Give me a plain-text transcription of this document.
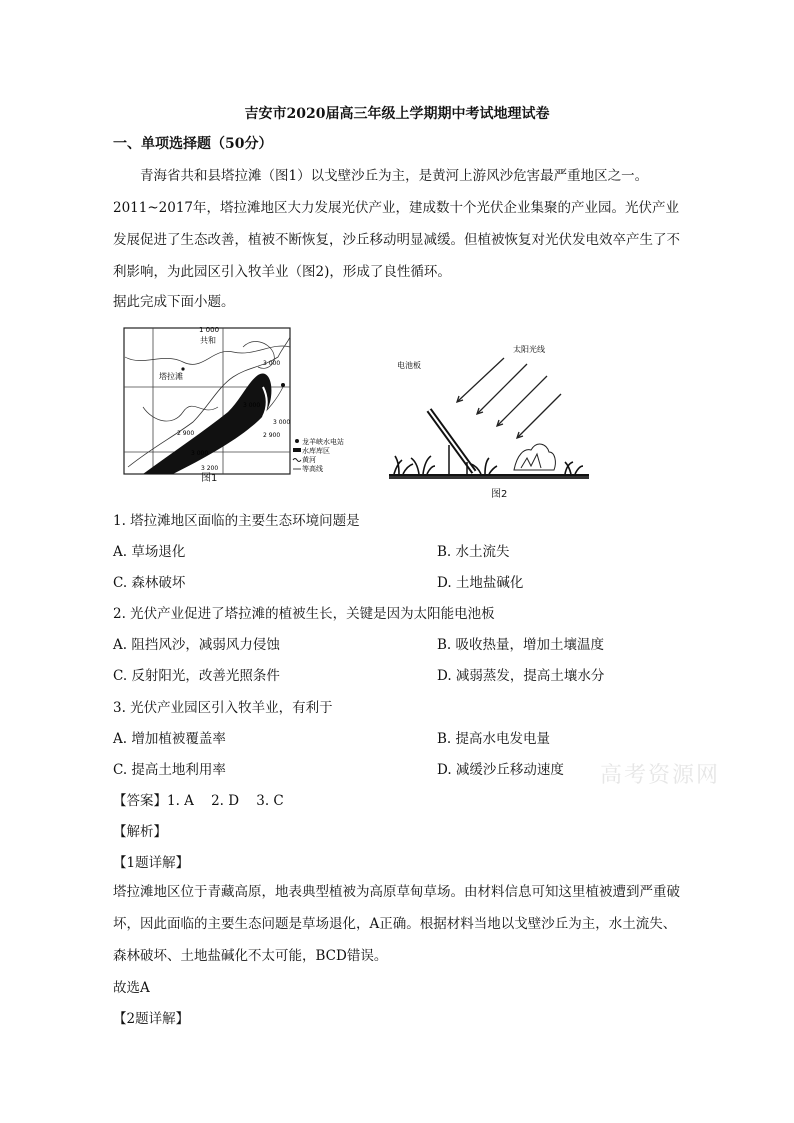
吉安市2020届高三年级上学期期中考试地理试卷
一、单项选择题（50分）
青海省共和县塔拉滩（图1）以戈壁沙丘为主，是黄河上游风沙危害最严重地区之一。2011~2017年，塔拉滩地区大力发展光伏产业，建成数十个光伏企业集聚的产业园。光伏产业发展促进了生态改善，植被不断恢复，沙丘移动明显减缓。但植被恢复对光伏发电效卒产生了不利影响，为此园区引入牧羊业（图2)，形成了良性循环。
据此完成下面小题。
1 000
共和
塔拉滩
3 000
3 000
2 900
3 200
3 000
2 900
3 000
龙羊峡水电站
水库库区
黄河
等高线
图1
太阳光线
电池板
图2
1. 塔拉滩地区面临的主要生态环境问题是
A. 草场退化	B. 水土流失
C. 森林破坏	D. 土地盐碱化
2. 光伏产业促进了塔拉滩的植被生长，关键是因为太阳能电池板
A. 阻挡风沙，减弱风力侵蚀	B. 吸收热量，增加土壤温度
C. 反射阳光，改善光照条件	D. 减弱蒸发，提高土壤水分
3. 光伏产业园区引入牧羊业，有利于
A. 增加植被覆盖率	B. 提高水电发电量
C. 提高土地利用率	D. 减缓沙丘移动速度 高考资源网
【答案】1. A    2. D    3. C
【解析】
【1题详解】
塔拉滩地区位于青藏高原，地表典型植被为高原草甸草场。由材料信息可知这里植被遭到严重破坏，因此面临的主要生态问题是草场退化，A正确。根据材料当地以戈壁沙丘为主，水土流失、森林破坏、土地盐碱化不太可能，BCD错误。
故选A
【2题详解】
